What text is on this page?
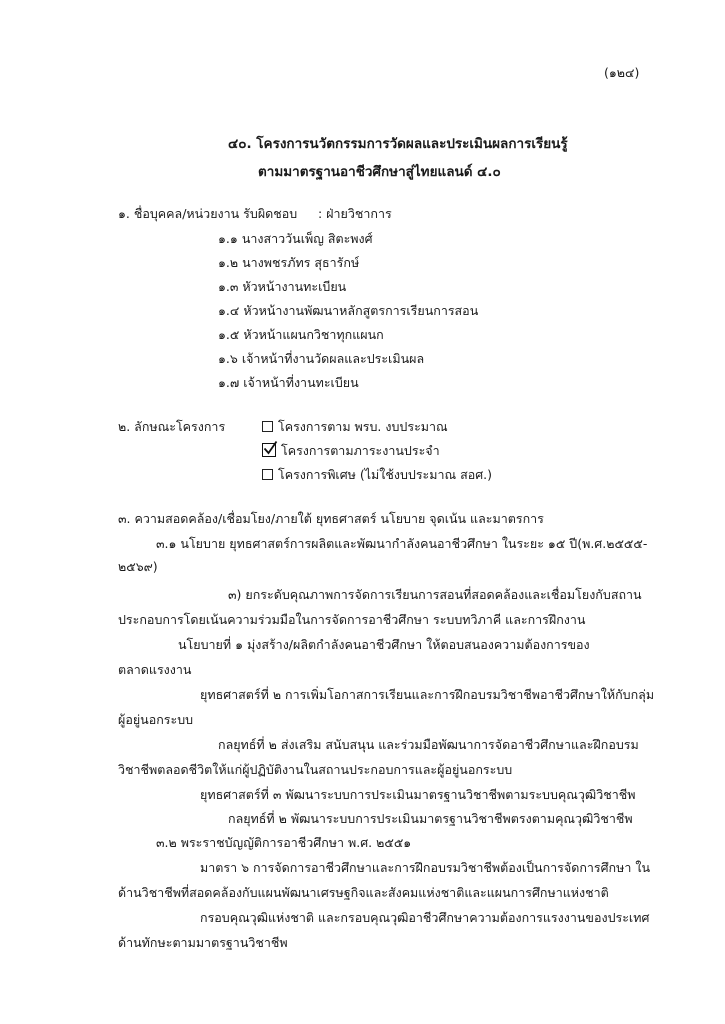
(๑๒๔)
๔๐. โครงการนวัตกรรมการวัดผลและประเมินผลการเรียนรู้
ตามมาตรฐานอาชีวศึกษาสู่ไทยแลนด์ ๔.๐
๑. ชื่อบุคคล/หน่วยงาน รับผิดชอบ : ฝ่ายวิชาการ
๑.๑ นางสาววันเพ็ญ สิตะพงศ์
๑.๒ นางพชรภัทร สุธารักษ์
๑.๓ หัวหน้างานทะเบียน
๑.๔ หัวหน้างานพัฒนาหลักสูตรการเรียนการสอน
๑.๕ หัวหน้าแผนกวิชาทุกแผนก
๑.๖ เจ้าหน้าที่งานวัดผลและประเมินผล
๑.๗ เจ้าหน้าที่งานทะเบียน
๒. ลักษณะโครงการ	โครงการตาม พรบ. งบประมาณ
โครงการตามภาระงานประจำ
โครงการพิเศษ (ไม่ใช้งบประมาณ สอศ.)
๓. ความสอดคล้อง/เชื่อมโยง/ภายใต้ ยุทธศาสตร์ นโยบาย จุดเน้น และมาตรการ
๓.๑ นโยบาย ยุทธศาสตร์การผลิตและพัฒนากำลังคนอาชีวศึกษา ในระยะ ๑๕ ปี(พ.ศ.๒๕๕๕-
๒๕๖๙)
๓) ยกระดับคุณภาพการจัดการเรียนการสอนที่สอดคล้องและเชื่อมโยงกับสถาน
ประกอบการโดยเน้นความร่วมมือในการจัดการอาชีวศึกษา ระบบทวิภาคี และการฝึกงาน
นโยบายที่ ๑ มุ่งสร้าง/ผลิตกำลังคนอาชีวศึกษา ให้ตอบสนองความต้องการของ
ตลาดแรงงาน
ยุทธศาสตร์ที่ ๒ การเพิ่มโอกาสการเรียนและการฝึกอบรมวิชาชีพอาชีวศึกษาให้กับกลุ่ม
ผู้อยู่นอกระบบ
กลยุทธ์ที่ ๒ ส่งเสริม สนับสนุน และร่วมมือพัฒนาการจัดอาชีวศึกษาและฝึกอบรม
วิชาชีพตลอดชีวิตให้แก่ผู้ปฏิบัติงานในสถานประกอบการและผู้อยู่นอกระบบ
ยุทธศาสตร์ที่ ๓ พัฒนาระบบการประเมินมาตรฐานวิชาชีพตามระบบคุณวุฒิวิชาชีพ
กลยุทธ์ที่ ๒ พัฒนาระบบการประเมินมาตรฐานวิชาชีพตรงตามคุณวุฒิวิชาชีพ
๓.๒ พระราชบัญญัติการอาชีวศึกษา พ.ศ. ๒๕๕๑
มาตรา ๖ การจัดการอาชีวศึกษาและการฝึกอบรมวิชาชีพต้องเป็นการจัดการศึกษา ใน
ด้านวิชาชีพที่สอดคล้องกับแผนพัฒนาเศรษฐกิจและสังคมแห่งชาติและแผนการศึกษาแห่งชาติ
กรอบคุณวุฒิแห่งชาติ และกรอบคุณวุฒิอาชีวศึกษาความต้องการแรงงานของประเทศ
ด้านทักษะตามมาตรฐานวิชาชีพ
